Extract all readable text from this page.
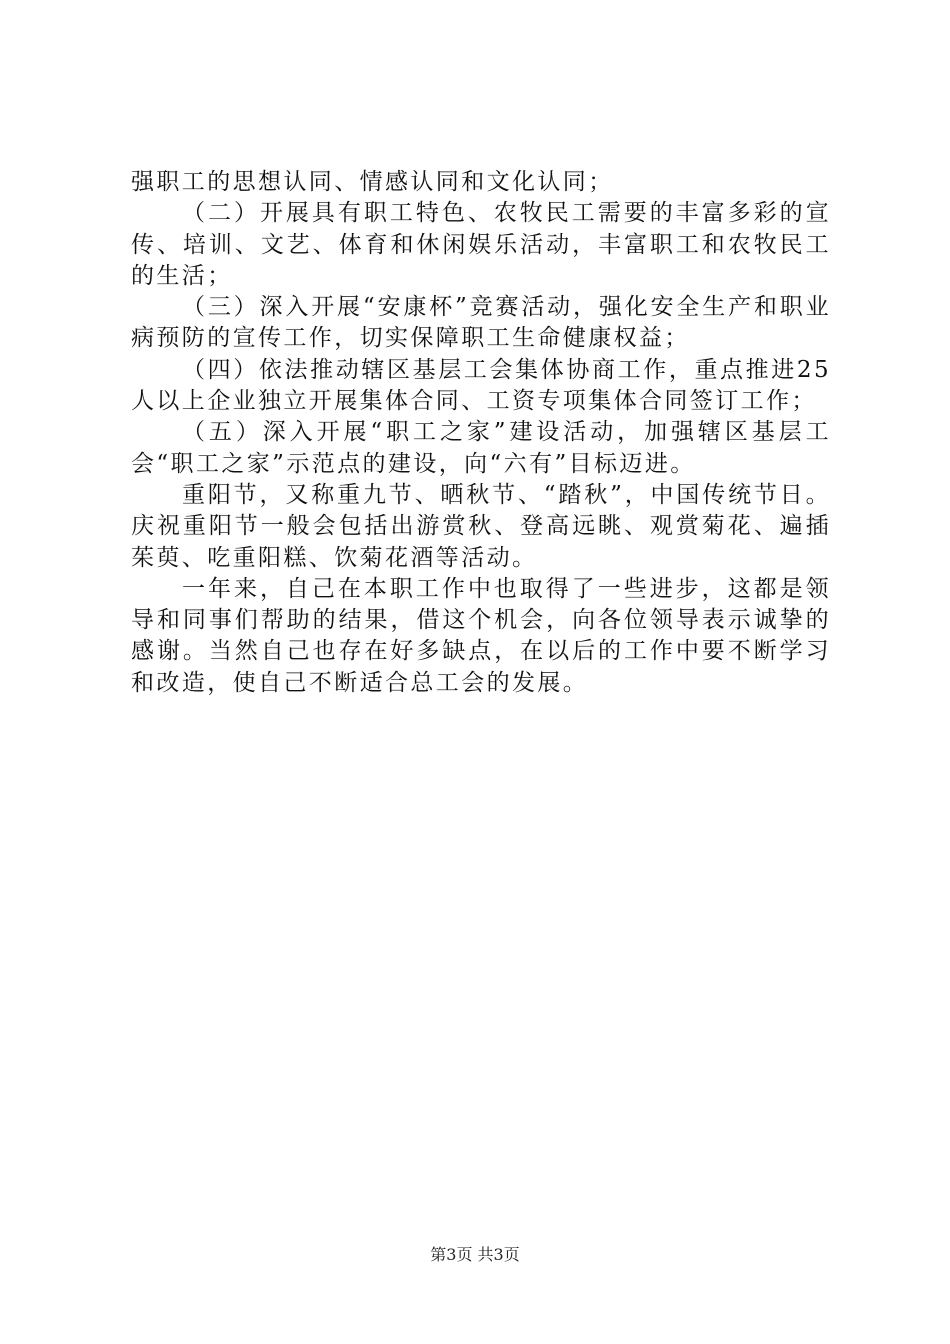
强职工的思想认同、情感认同和文化认同；

（二）开展具有职工特色、农牧民工需要的丰富多彩的宣传、培训、文艺、体育和休闲娱乐活动，丰富职工和农牧民工的生活；

（三）深入开展“安康杯”竞赛活动，强化安全生产和职业病预防的宣传工作，切实保障职工生命健康权益；

（四）依法推动辖区基层工会集体协商工作，重点推进25人以上企业独立开展集体合同、工资专项集体合同签订工作；

（五）深入开展“职工之家”建设活动，加强辖区基层工会“职工之家”示范点的建设，向“六有”目标迈进。

重阳节，又称重九节、晒秋节、“踏秋”，中国传统节日。庆祝重阳节一般会包括出游赏秋、登高远眺、观赏菊花、遍插茱萸、吃重阳糕、饮菊花酒等活动。

一年来，自己在本职工作中也取得了一些进步，这都是领导和同事们帮助的结果，借这个机会，向各位领导表示诚挚的感谢。当然自己也存在好多缺点，在以后的工作中要不断学习和改造，使自己不断适合总工会的发展。

第3页 共3页
